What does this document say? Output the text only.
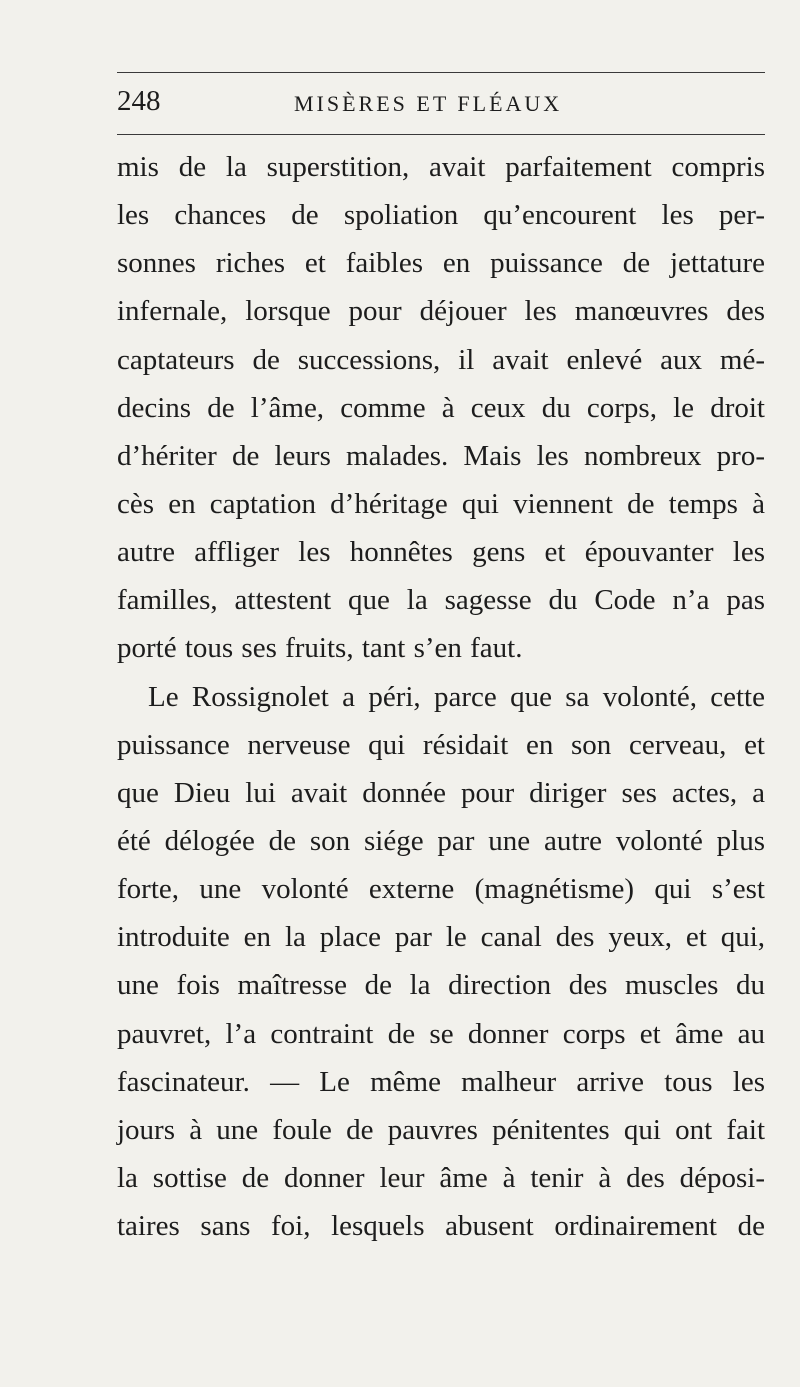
248	MISÈRES ET FLÉAUX
mis de la superstition, avait parfaitement compris
les chances de spoliation qu’encourent les per-
sonnes riches et faibles en puissance de jettature
infernale, lorsque pour déjouer les manœuvres des
captateurs de successions, il avait enlevé aux mé-
decins de l’âme, comme à ceux du corps, le droit
d’hériter de leurs malades. Mais les nombreux pro-
cès en captation d’héritage qui viennent de temps à
autre affliger les honnêtes gens et épouvanter les
familles, attestent que la sagesse du Code n’a pas
porté tous ses fruits, tant s’en faut.
Le Rossignolet a péri, parce que sa volonté, cette
puissance nerveuse qui résidait en son cerveau, et
que Dieu lui avait donnée pour diriger ses actes, a
été délogée de son siége par une autre volonté plus
forte, une volonté externe (magnétisme) qui s’est
introduite en la place par le canal des yeux, et qui,
une fois maîtresse de la direction des muscles du
pauvret, l’a contraint de se donner corps et âme au
fascinateur. — Le même malheur arrive tous les
jours à une foule de pauvres pénitentes qui ont fait
la sottise de donner leur âme à tenir à des déposi-
taires sans foi, lesquels abusent ordinairement de
